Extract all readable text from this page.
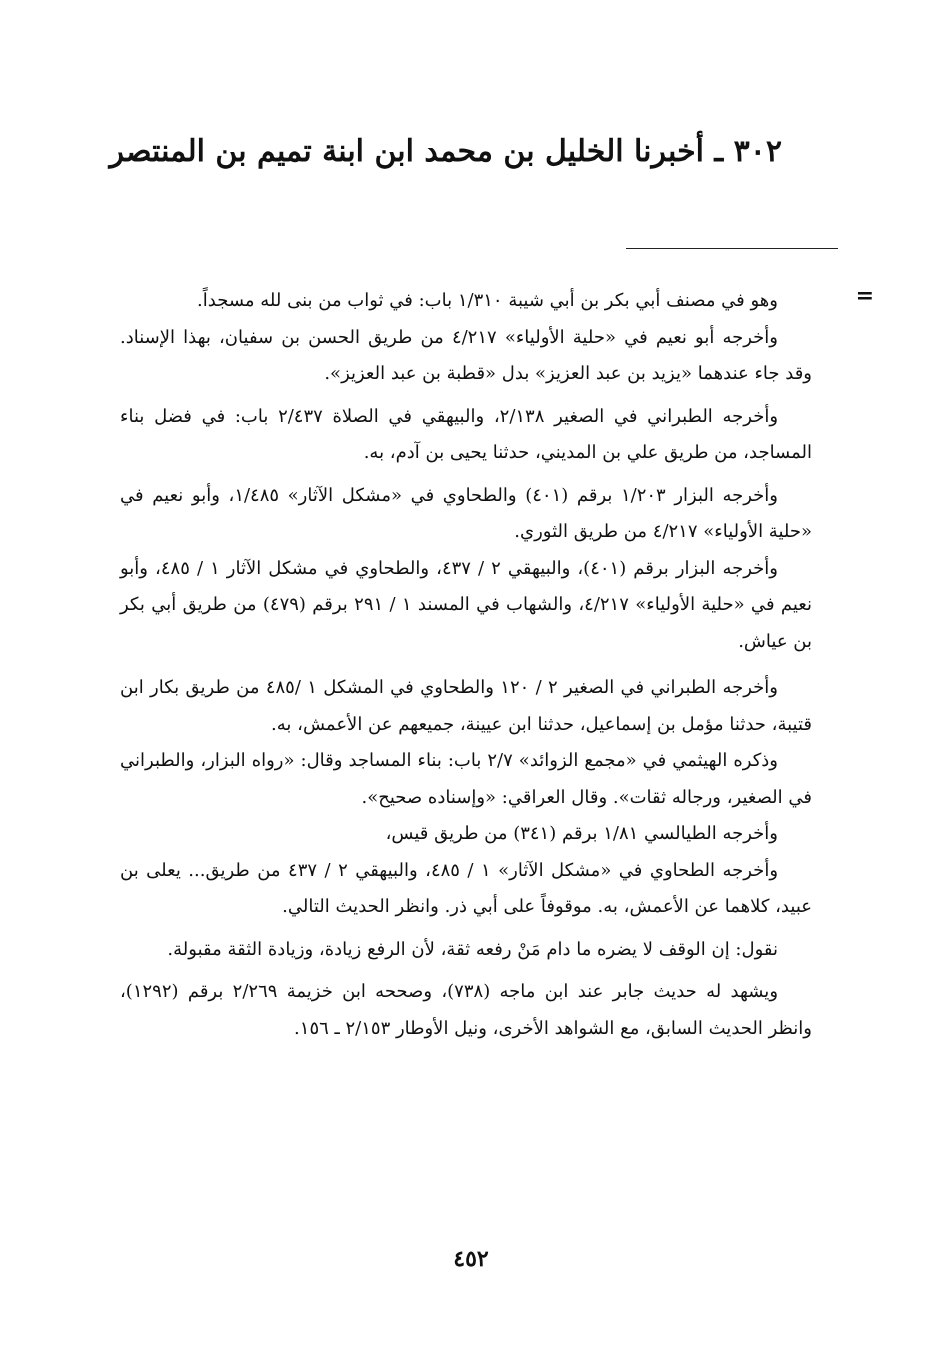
٣٠٢ ـ أخبرنا الخليل بن محمد ابن ابنة تميم بن المنتصر
=

وهو في مصنف أبي بكر بن أبي شيبة ١/٣١٠ باب: في ثواب من بنى لله مسجداً.

وأخرجه أبو نعيم في «حلية الأولياء» ٤/٢١٧ من طريق الحسن بن سفيان، بهذا الإسناد. وقد جاء عندهما «يزيد بن عبد العزيز» بدل «قطبة بن عبد العزيز».

وأخرجه الطبراني في الصغير ٢/١٣٨، والبيهقي في الصلاة ٢/٤٣٧ باب: في فضل بناء المساجد، من طريق علي بن المديني، حدثنا يحيى بن آدم، به.

وأخرجه البزار ١/٢٠٣ برقم (٤٠١) والطحاوي في «مشكل الآثار» ١/٤٨٥، وأبو نعيم في «حلية الأولياء» ٤/٢١٧ من طريق الثوري.

وأخرجه البزار برقم (٤٠١)، والبيهقي ٢ / ٤٣٧، والطحاوي في مشكل الآثار ١ / ٤٨٥، وأبو نعيم في «حلية الأولياء» ٤/٢١٧، والشهاب في المسند ١ / ٢٩١ برقم (٤٧٩) من طريق أبي بكر بن عياش.

وأخرجه الطبراني في الصغير ٢ / ١٢٠ والطحاوي في المشكل ١ /٤٨٥ من طريق بكار ابن قتيبة، حدثنا مؤمل بن إسماعيل، حدثنا ابن عيينة، جميعهم عن الأعمش، به.

وذكره الهيثمي في «مجمع الزوائد» ٢/٧ باب: بناء المساجد وقال: «رواه البزار، والطبراني في الصغير، ورجاله ثقات». وقال العراقي: «وإسناده صحيح».

وأخرجه الطيالسي ١/٨١ برقم (٣٤١) من طريق قيس،

وأخرجه الطحاوي في «مشكل الآثار» ١ / ٤٨٥، والبيهقي ٢ / ٤٣٧ من طريق... يعلى بن عبيد، كلاهما عن الأعمش، به. موقوفاً على أبي ذر. وانظر الحديث التالي.

نقول: إن الوقف لا يضره ما دام مَنْ رفعه ثقة، لأن الرفع زيادة، وزيادة الثقة مقبولة.

ويشهد له حديث جابر عند ابن ماجه (٧٣٨)، وصححه ابن خزيمة ٢/٢٦٩ برقم (١٢٩٢)، وانظر الحديث السابق، مع الشواهد الأخرى، ونيل الأوطار ٢/١٥٣ ـ ١٥٦.

٤٥٢
